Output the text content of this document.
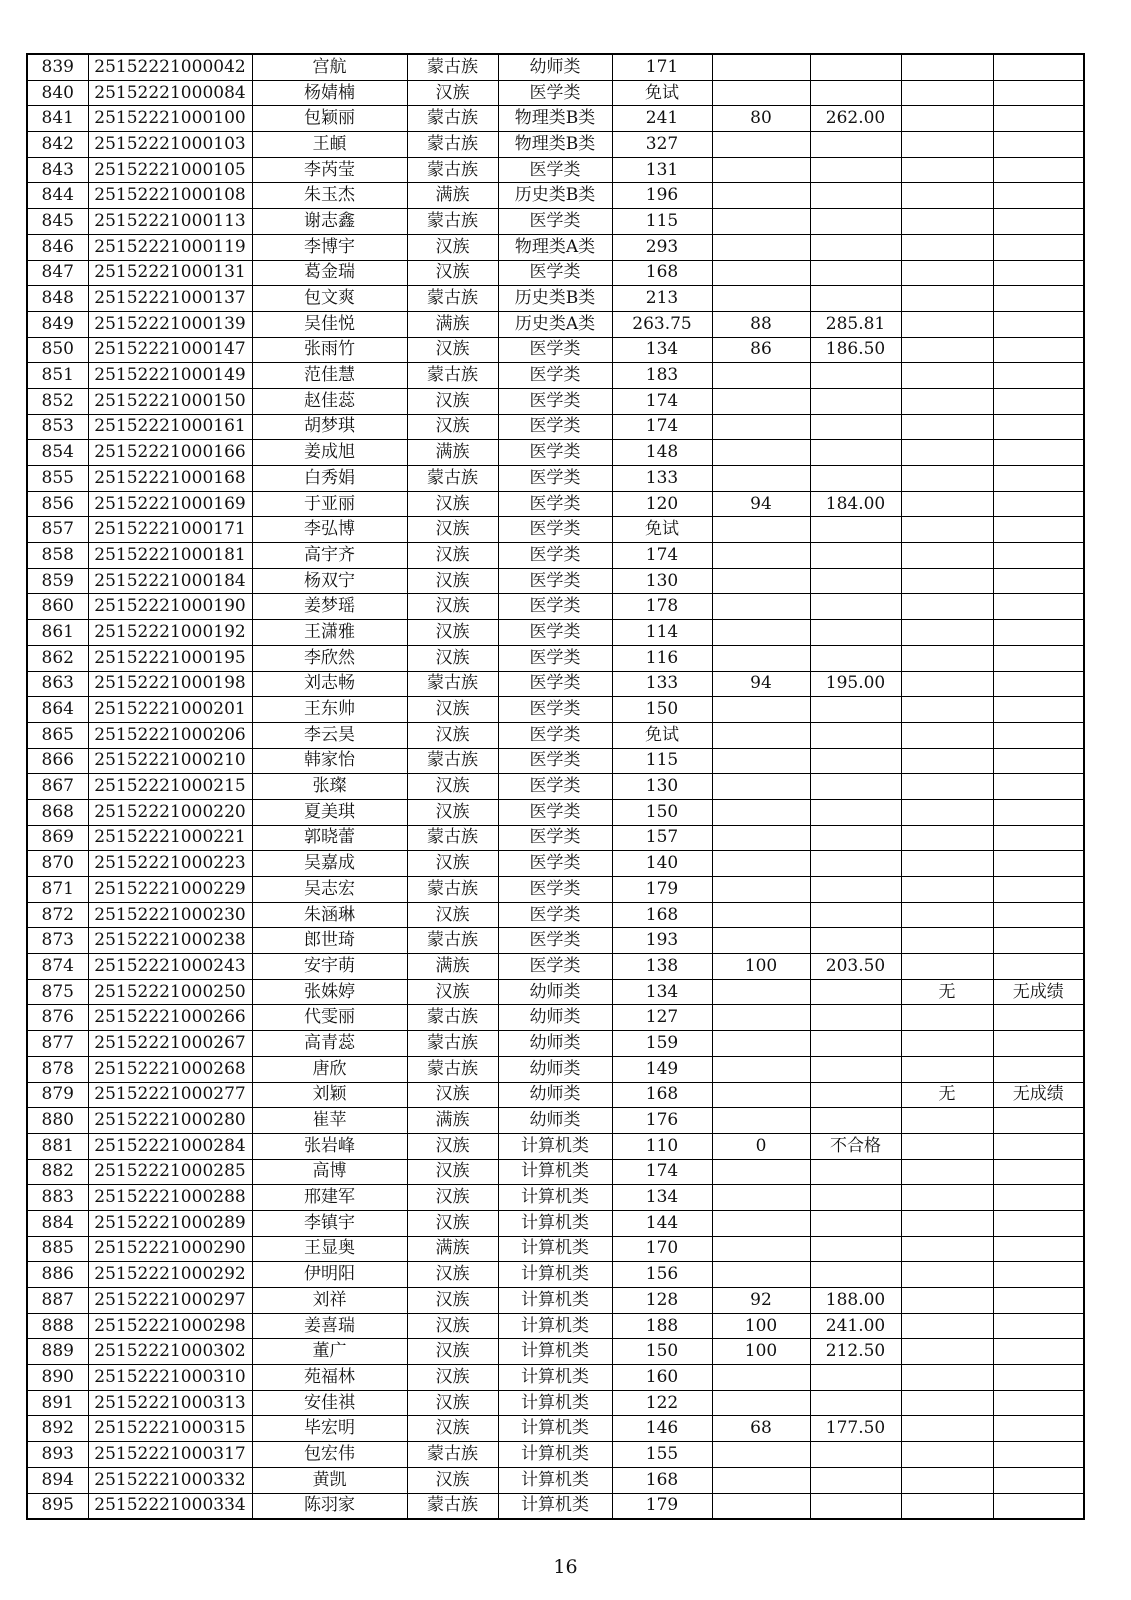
839	25152221000042	宫航	蒙古族	幼师类	171				
840	25152221000084	杨婧楠	汉族	医学类	免试				
841	25152221000100	包颖丽	蒙古族	物理类B类	241	80	262.00		
842	25152221000103	王頔	蒙古族	物理类B类	327				
843	25152221000105	李芮莹	蒙古族	医学类	131				
844	25152221000108	朱玉杰	满族	历史类B类	196				
845	25152221000113	谢志鑫	蒙古族	医学类	115				
846	25152221000119	李博宇	汉族	物理类A类	293				
847	25152221000131	葛金瑞	汉族	医学类	168				
848	25152221000137	包文爽	蒙古族	历史类B类	213				
849	25152221000139	吴佳悦	满族	历史类A类	263.75	88	285.81		
850	25152221000147	张雨竹	汉族	医学类	134	86	186.50		
851	25152221000149	范佳慧	蒙古族	医学类	183				
852	25152221000150	赵佳蕊	汉族	医学类	174				
853	25152221000161	胡梦琪	汉族	医学类	174				
854	25152221000166	姜成旭	满族	医学类	148				
855	25152221000168	白秀娟	蒙古族	医学类	133				
856	25152221000169	于亚丽	汉族	医学类	120	94	184.00		
857	25152221000171	李弘博	汉族	医学类	免试				
858	25152221000181	高宇齐	汉族	医学类	174				
859	25152221000184	杨双宁	汉族	医学类	130				
860	25152221000190	姜梦瑶	汉族	医学类	178				
861	25152221000192	王潇雅	汉族	医学类	114				
862	25152221000195	李欣然	汉族	医学类	116				
863	25152221000198	刘志畅	蒙古族	医学类	133	94	195.00		
864	25152221000201	王东帅	汉族	医学类	150				
865	25152221000206	李云昊	汉族	医学类	免试				
866	25152221000210	韩家怡	蒙古族	医学类	115				
867	25152221000215	张璨	汉族	医学类	130				
868	25152221000220	夏美琪	汉族	医学类	150				
869	25152221000221	郭晓蕾	蒙古族	医学类	157				
870	25152221000223	吴嘉成	汉族	医学类	140				
871	25152221000229	吴志宏	蒙古族	医学类	179				
872	25152221000230	朱涵琳	汉族	医学类	168				
873	25152221000238	郎世琦	蒙古族	医学类	193				
874	25152221000243	安宇萌	满族	医学类	138	100	203.50		
875	25152221000250	张姝婷	汉族	幼师类	134			无	无成绩
876	25152221000266	代雯丽	蒙古族	幼师类	127				
877	25152221000267	高青蕊	蒙古族	幼师类	159				
878	25152221000268	唐欣	蒙古族	幼师类	149				
879	25152221000277	刘颖	汉族	幼师类	168			无	无成绩
880	25152221000280	崔苹	满族	幼师类	176				
881	25152221000284	张岩峰	汉族	计算机类	110	0	不合格		
882	25152221000285	高博	汉族	计算机类	174				
883	25152221000288	邢建军	汉族	计算机类	134				
884	25152221000289	李镇宇	汉族	计算机类	144				
885	25152221000290	王显奥	满族	计算机类	170				
886	25152221000292	伊明阳	汉族	计算机类	156				
887	25152221000297	刘祥	汉族	计算机类	128	92	188.00		
888	25152221000298	姜喜瑞	汉族	计算机类	188	100	241.00		
889	25152221000302	董广	汉族	计算机类	150	100	212.50		
890	25152221000310	苑福林	汉族	计算机类	160				
891	25152221000313	安佳祺	汉族	计算机类	122				
892	25152221000315	毕宏明	汉族	计算机类	146	68	177.50		
893	25152221000317	包宏伟	蒙古族	计算机类	155				
894	25152221000332	黄凯	汉族	计算机类	168				
895	25152221000334	陈羽家	蒙古族	计算机类	179				
16
